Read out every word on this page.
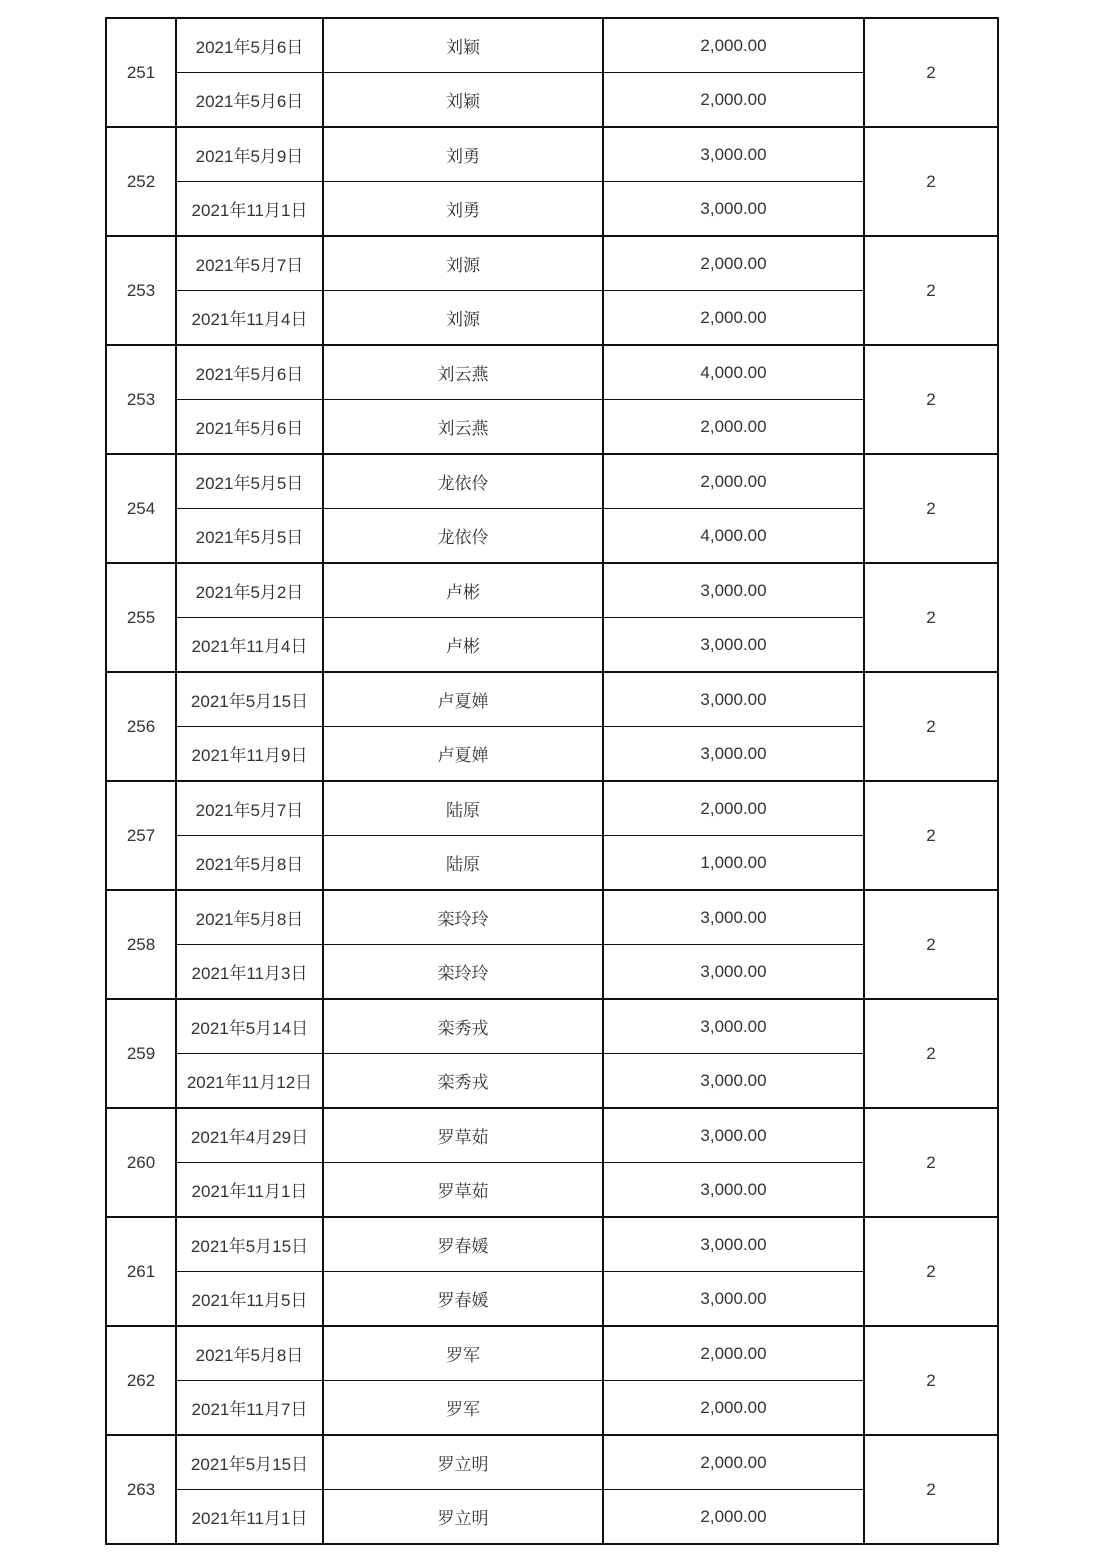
251	2021年5月6日	刘颖	2,000.00	2
	2021年5月6日	刘颖	2,000.00	
252	2021年5月9日	刘勇	3,000.00	2
	2021年11月1日	刘勇	3,000.00	
253	2021年5月7日	刘源	2,000.00	2
	2021年11月4日	刘源	2,000.00	
253	2021年5月6日	刘云燕	4,000.00	2
	2021年5月6日	刘云燕	2,000.00	
254	2021年5月5日	龙依伶	2,000.00	2
	2021年5月5日	龙依伶	4,000.00	
255	2021年5月2日	卢彬	3,000.00	2
	2021年11月4日	卢彬	3,000.00	
256	2021年5月15日	卢夏婵	3,000.00	2
	2021年11月9日	卢夏婵	3,000.00	
257	2021年5月7日	陆原	2,000.00	2
	2021年5月8日	陆原	1,000.00	
258	2021年5月8日	栾玲玲	3,000.00	2
	2021年11月3日	栾玲玲	3,000.00	
259	2021年5月14日	栾秀戎	3,000.00	2
	2021年11月12日	栾秀戎	3,000.00	
260	2021年4月29日	罗草茹	3,000.00	2
	2021年11月1日	罗草茹	3,000.00	
261	2021年5月15日	罗春媛	3,000.00	2
	2021年11月5日	罗春媛	3,000.00	
262	2021年5月8日	罗军	2,000.00	2
	2021年11月7日	罗军	2,000.00	
263	2021年5月15日	罗立明	2,000.00	2
	2021年11月1日	罗立明	2,000.00	
